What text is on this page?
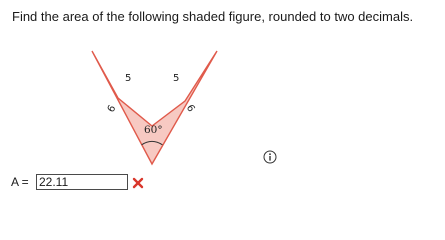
Find the area of the following shaded figure, rounded to two decimals.
6
5	5
6
60°
A =
22.11
